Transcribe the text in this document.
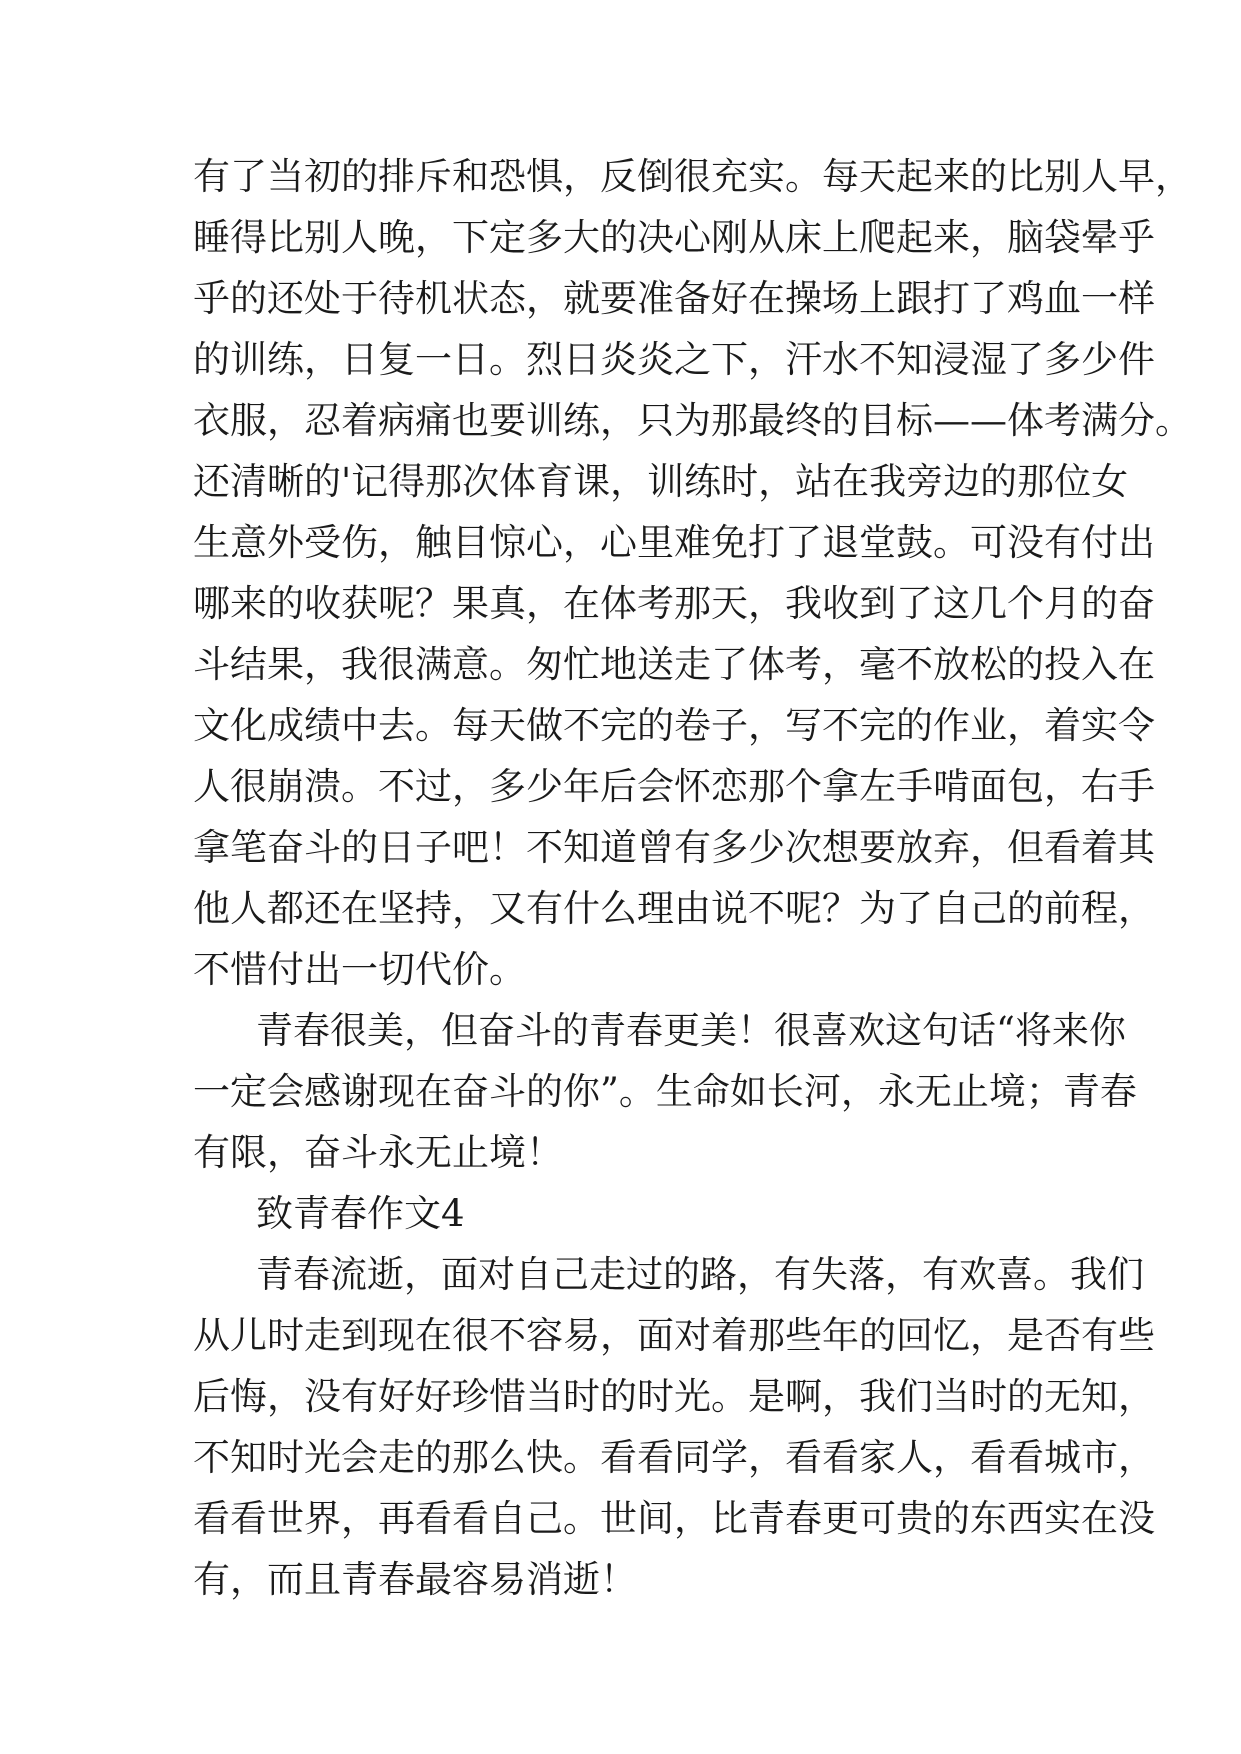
有了当初的排斥和恐惧，反倒很充实。每天起来的比别人早，
睡得比别人晚，下定多大的决心刚从床上爬起来，脑袋晕乎
乎的还处于待机状态，就要准备好在操场上跟打了鸡血一样
的训练，日复一日。烈日炎炎之下，汗水不知浸湿了多少件
衣服，忍着病痛也要训练，只为那最终的目标——体考满分。
还清晰的'记得那次体育课，训练时，站在我旁边的那位女
生意外受伤，触目惊心，心里难免打了退堂鼓。可没有付出
哪来的收获呢？果真，在体考那天，我收到了这几个月的奋
斗结果，我很满意。匆忙地送走了体考，毫不放松的投入在
文化成绩中去。每天做不完的卷子，写不完的作业，着实令
人很崩溃。不过，多少年后会怀恋那个拿左手啃面包，右手
拿笔奋斗的日子吧！不知道曾有多少次想要放弃，但看着其
他人都还在坚持，又有什么理由说不呢？为了自己的前程，
不惜付出一切代价。
青春很美，但奋斗的青春更美！很喜欢这句话“将来你
一定会感谢现在奋斗的你”。生命如长河，永无止境；青春
有限，奋斗永无止境！
致青春作文4
青春流逝，面对自己走过的路，有失落，有欢喜。我们
从儿时走到现在很不容易，面对着那些年的回忆，是否有些
后悔，没有好好珍惜当时的时光。是啊，我们当时的无知，
不知时光会走的那么快。看看同学，看看家人，看看城市，
看看世界，再看看自己。世间，比青春更可贵的东西实在没
有，而且青春最容易消逝！
